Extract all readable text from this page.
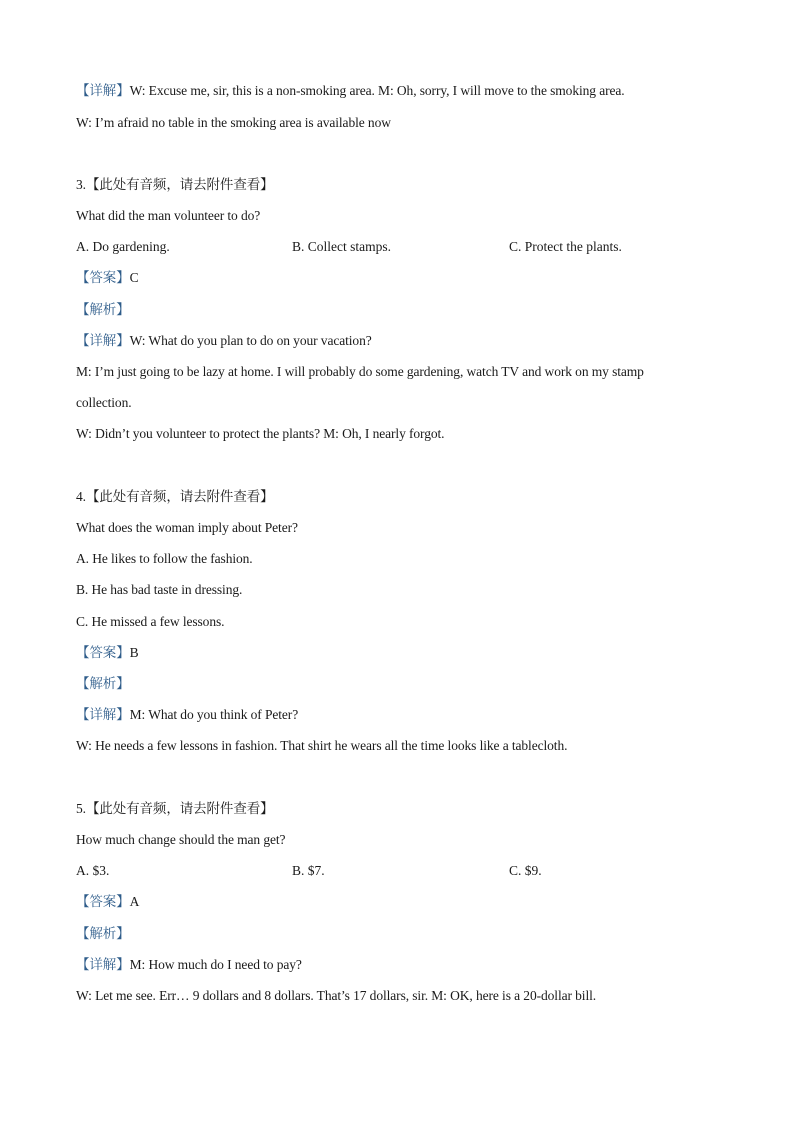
【详解】W: Excuse me, sir, this is a non-smoking area. M: Oh, sorry, I will move to the smoking area.
W: I’m afraid no table in the smoking area is available now
3.【此处有音频，请去附件查看】
What did the man volunteer to do?
A. Do gardening.	B. Collect stamps.	C. Protect the plants.
【答案】C
【解析】
【详解】W: What do you plan to do on your vacation?
M: I’m just going to be lazy at home. I will probably do some gardening, watch TV and work on my stamp
collection.
W: Didn’t you volunteer to protect the plants? M: Oh, I nearly forgot.
4.【此处有音频，请去附件查看】
What does the woman imply about Peter?
A. He likes to follow the fashion.
B. He has bad taste in dressing.
C. He missed a few lessons.
【答案】B
【解析】
【详解】M: What do you think of Peter?
W: He needs a few lessons in fashion. That shirt he wears all the time looks like a tablecloth.
5.【此处有音频，请去附件查看】
How much change should the man get?
A. $3.	B. $7.	C. $9.
【答案】A
【解析】
【详解】M: How much do I need to pay?
W: Let me see. Err… 9 dollars and 8 dollars. That’s 17 dollars, sir. M: OK, here is a 20-dollar bill.
